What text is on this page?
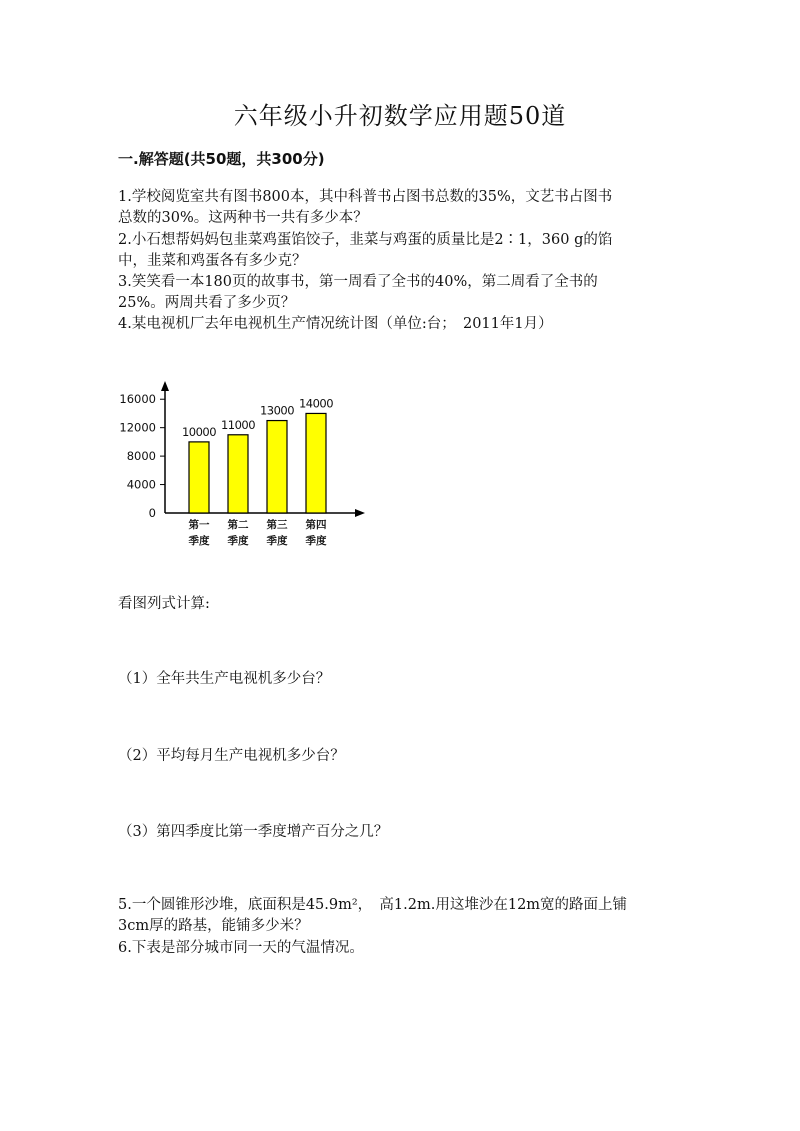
六年级小升初数学应用题50道
一.解答题(共50题，共300分)
1.学校阅览室共有图书800本，其中科普书占图书总数的35%，文艺书占图书
总数的30%。这两种书一共有多少本？
2.小石想帮妈妈包韭菜鸡蛋馅饺子，韭菜与鸡蛋的质量比是2∶1，360 g的馅
中，韭菜和鸡蛋各有多少克？
3.笑笑看一本180页的故事书，第一周看了全书的40%，第二周看了全书的
25%。两周共看了多少页？
4.某电视机厂去年电视机生产情况统计图（单位:台；　2011年1月）
0
4000
8000
12000
16000
10000
第一
季度
11000
第二
季度
13000
第三
季度
14000
第四
季度
看图列式计算:
（1）全年共生产电视机多少台？
（2）平均每月生产电视机多少台？
（3）第四季度比第一季度增产百分之几？
5.一个圆锥形沙堆，底面积是45.9m²，　高1.2m.用这堆沙在12m宽的路面上铺
3cm厚的路基，能铺多少米？
6.下表是部分城市同一天的气温情况。
